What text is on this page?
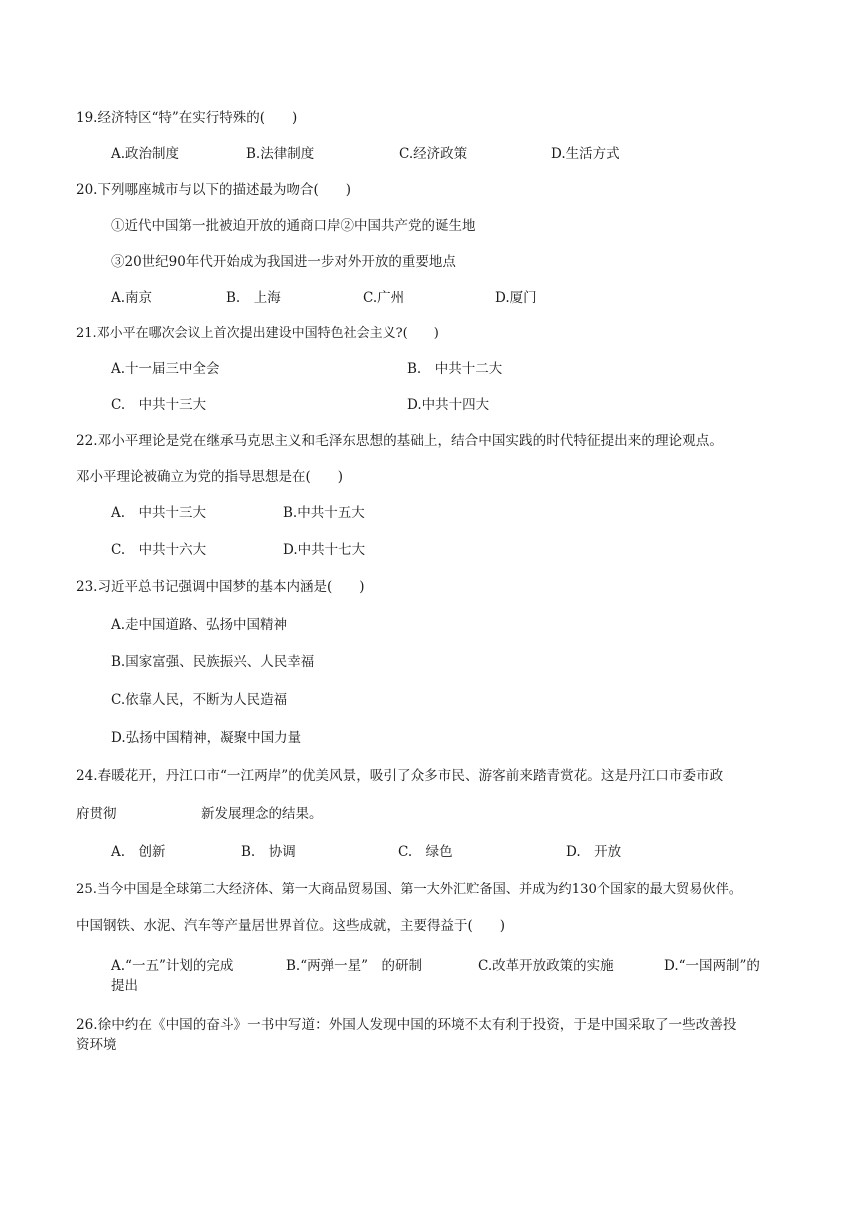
19.经济特区“特”在实行特殊的(　　)
A.政治制度	B.法律制度	C.经济政策	D.生活方式
20.下列哪座城市与以下的描述最为吻合(　　)
①近代中国第一批被迫开放的通商口岸②中国共产党的诞生地
③20世纪90年代开始成为我国进一步对外开放的重要地点
A.南京	B.　上海	C.广州	D.厦门
21.邓小平在哪次会议上首次提出建设中国特色社会主义?(　　)
A.十一届三中全会	B.　中共十二大
C.　中共十三大	D.中共十四大
22.邓小平理论是党在继承马克思主义和毛泽东思想的基础上，结合中国实践的时代特征提出来的理论观点。
邓小平理论被确立为党的指导思想是在(　　)
A.　中共十三大	B.中共十五大
C.　中共十六大	D.中共十七大
23.习近平总书记强调中国梦的基本内涵是(　　)
A.走中国道路、弘扬中国精神
B.国家富强、民族振兴、人民幸福
C.依靠人民，不断为人民造福
D.弘扬中国精神，凝聚中国力量
24.春暖花开，丹江口市“一江两岸”的优美风景，吸引了众多市民、游客前来踏青赏花。这是丹江口市委市政
府贯彻	新发展理念的结果。
A.　创新	B.　协调	C.　绿色	D.　开放
25.当今中国是全球第二大经济体、第一大商品贸易国、第一大外汇贮备国、并成为约130个国家的最大贸易伙伴。
中国钢铁、水泥、汽车等产量居世界首位。这些成就，主要得益于(　　)
A.“一五”计划的完成	B.“两弹一星”　的研制	C.改革开放政策的实施	D.“一国两制”的
提出
26.徐中约在《中国的奋斗》一书中写道：外国人发现中国的环境不太有利于投资，于是中国采取了一些改善投
资环境
